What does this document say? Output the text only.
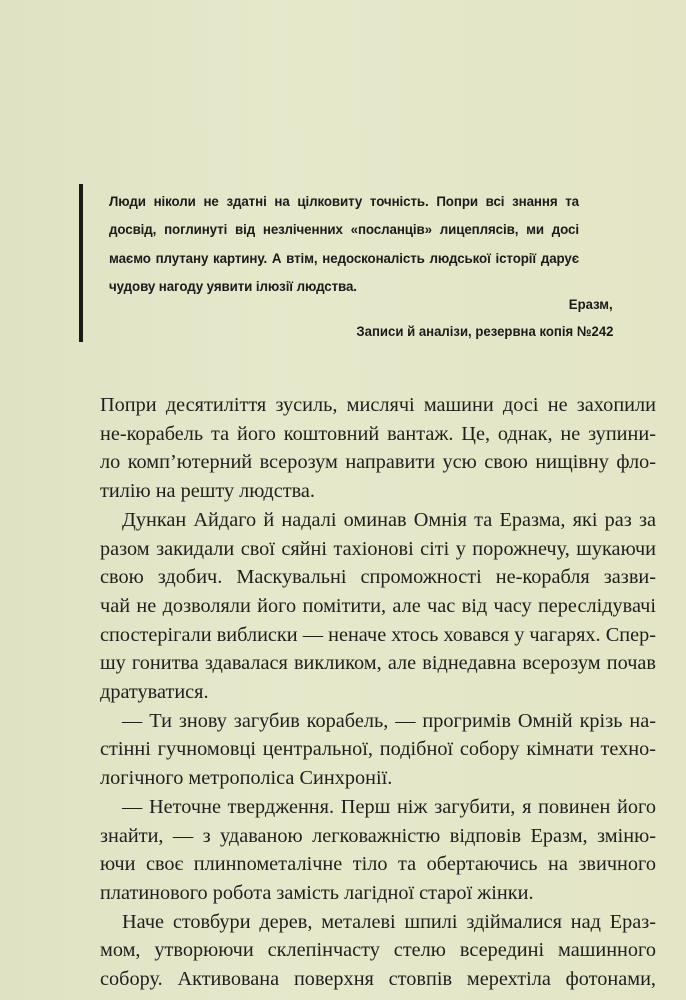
Люди ніколи не здатні на цілковиту точність. Попри всі знання та
досвід, поглинуті від незліченних «посланців» лицеплясів, ми досі
маємо плутану картину. А втім, недосконалість людської історії дарує
чудову нагоду уявити ілюзії людства.
Еразм,
Записи й аналізи, резервна копія №242
Попри десятиліття зусиль, мислячі машини досі не захопили
не-корабель та його коштовний вантаж. Це, однак, не зупини-
ло комп’ютерний всерозум направити усю свою нищівну фло-
тилію на решту людства.
Дункан Айдаго й надалі оминав Омнія та Еразма, які раз за
разом закидали свої сяйні тахіонові сіті у порожнечу, шукаючи
свою здобич. Маскувальні спроможності не-корабля зазви-
чай не дозволяли його помітити, але час від часу переслідувачі
спостерігали виблиски — неначе хтось ховався у чагарях. Спер-
шу гонитва здавалася викликом, але віднедавна всерозум почав
дратуватися.
— Ти знову загубив корабель, — прогримів Омній крізь на-
стінні гучномовці центральної, подібної собору кімнати техно-
логічного метрополіса Синхронії.
— Неточне твердження. Перш ніж загубити, я повинен його
знайти, — з удаваною легковажністю відповів Еразм, зміню-
ючи своє плинnометалічне тіло та обертаючись на звичного
платинового робота замість лагідної старої жінки.
Наче стовбури дерев, металеві шпилі здіймалися над Ераз-
мом, утворюючи склепінчасту стелю всередині машинного
собору. Активована поверхня стовпів мерехтіла фотонами,
